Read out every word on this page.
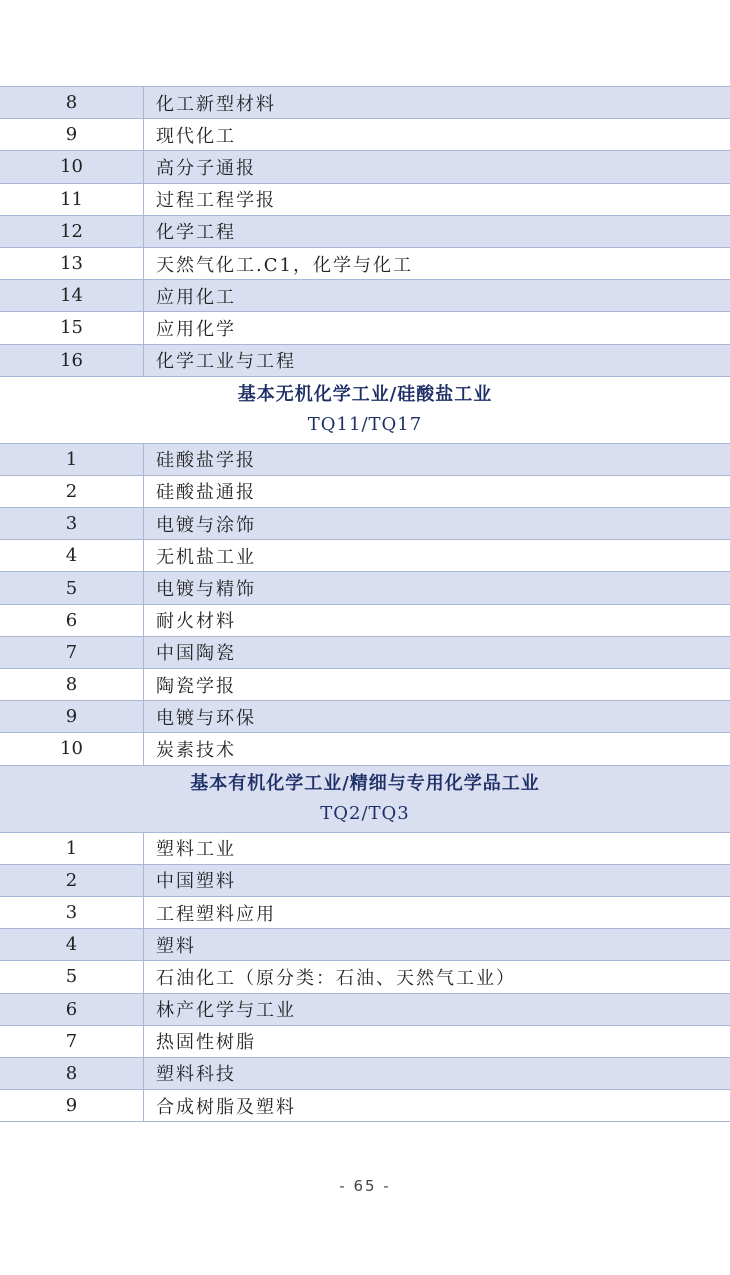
8	化工新型材料
9	现代化工
10	高分子通报
11	过程工程学报
12	化学工程
13	天然气化工.C1，化学与化工
14	应用化工
15	应用化学
16	化学工业与工程
基本无机化学工业/硅酸盐工业
TQ11/TQ17
1	硅酸盐学报
2	硅酸盐通报
3	电镀与涂饰
4	无机盐工业
5	电镀与精饰
6	耐火材料
7	中国陶瓷
8	陶瓷学报
9	电镀与环保
10	炭素技术
基本有机化学工业/精细与专用化学品工业
TQ2/TQ3
1	塑料工业
2	中国塑料
3	工程塑料应用
4	塑料
5	石油化工（原分类：石油、天然气工业）
6	林产化学与工业
7	热固性树脂
8	塑料科技
9	合成树脂及塑料
- 65 -
